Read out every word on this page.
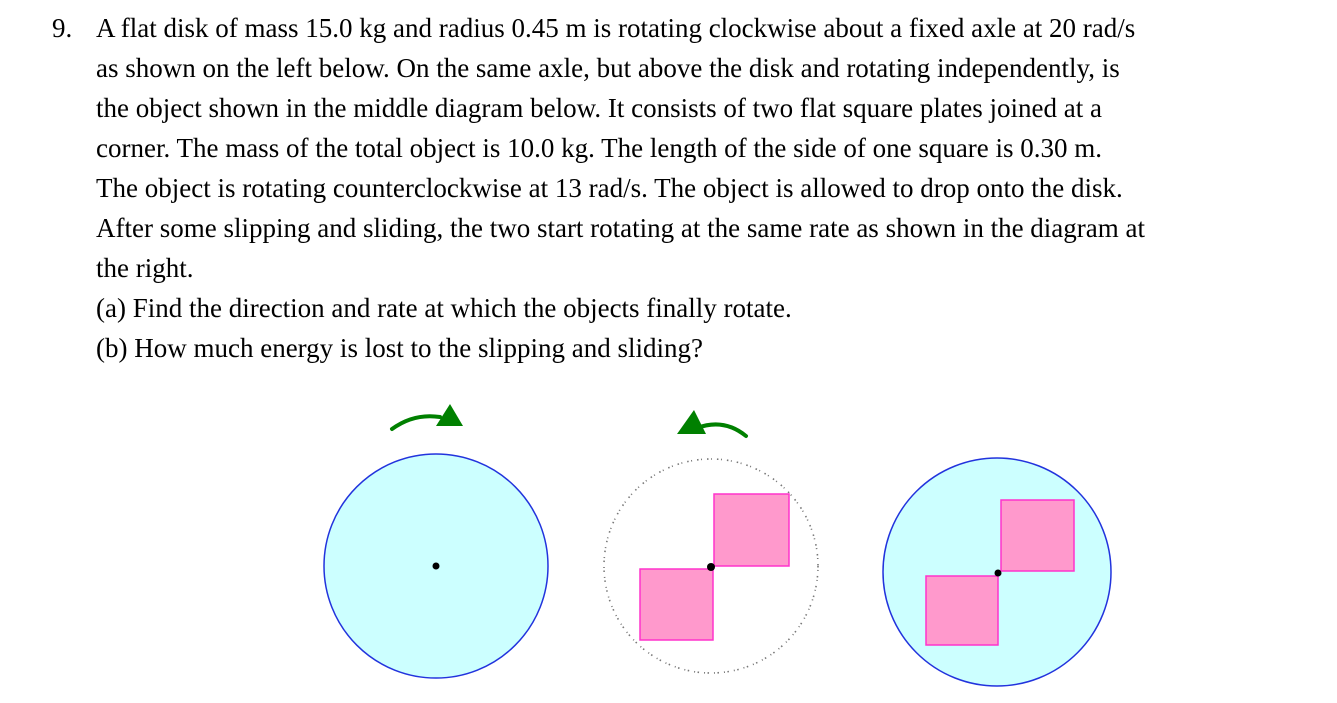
9. A flat disk of mass 15.0 kg and radius 0.45 m is rotating clockwise about a fixed axle at 20 rad/s
as shown on the left below. On the same axle, but above the disk and rotating independently, is
the object shown in the middle diagram below. It consists of two flat square plates joined at a
corner. The mass of the total object is 10.0 kg. The length of the side of one square is 0.30 m.
The object is rotating counterclockwise at 13 rad/s. The object is allowed to drop onto the disk.
After some slipping and sliding, the two start rotating at the same rate as shown in the diagram at
the right.
(a) Find the direction and rate at which the objects finally rotate.
(b) How much energy is lost to the slipping and sliding?
